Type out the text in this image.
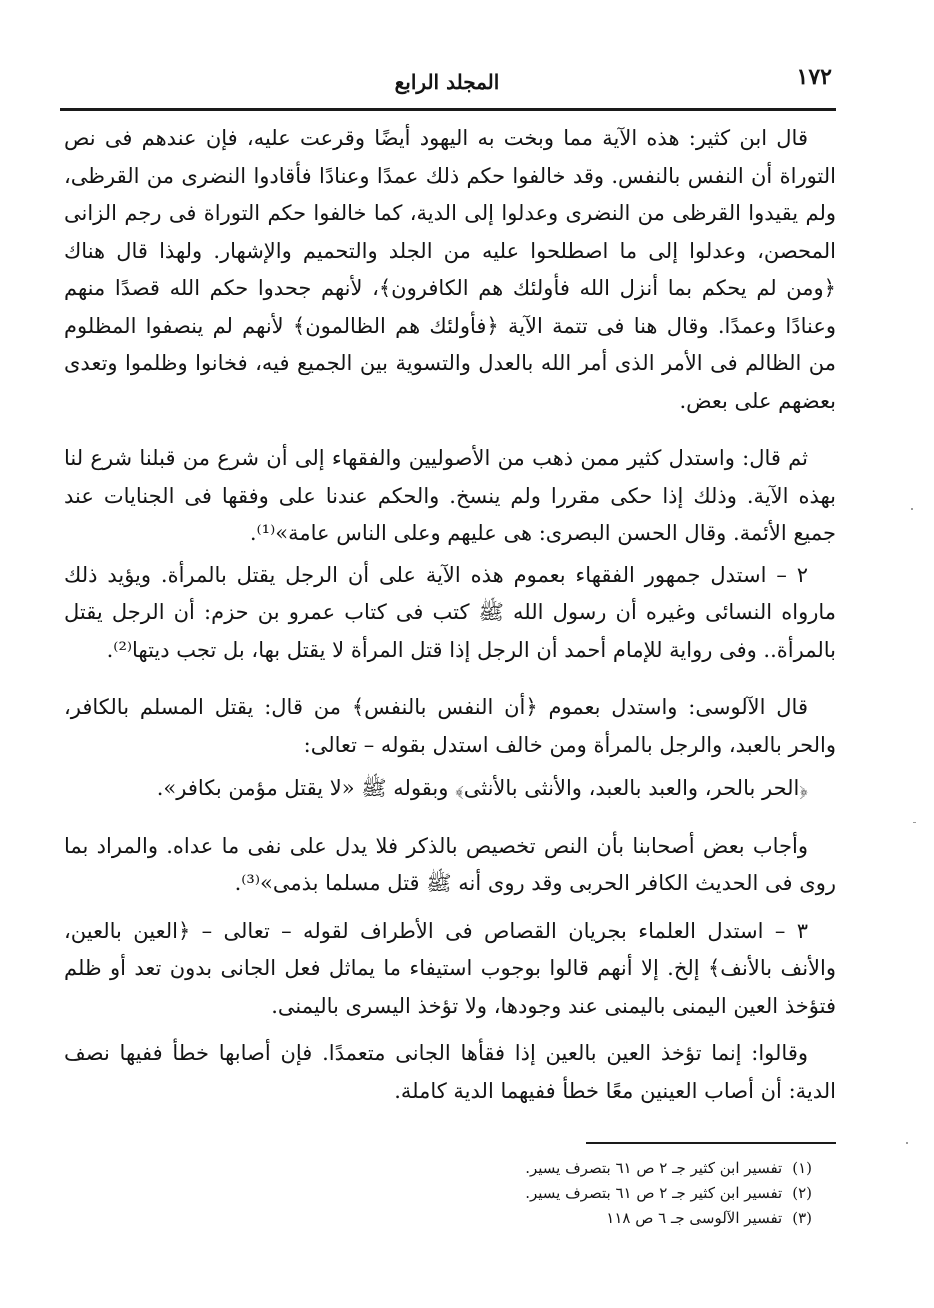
١٧٢
المجلد الرابع

قال ابن كثير: هذه الآية مما وبخت به اليهود أيضًا وقرعت عليه، فإن عندهم فى نص التوراة أن النفس بالنفس. وقد خالفوا حكم ذلك عمدًا وعنادًا فأقادوا النضرى من القرظى، ولم يقيدوا القرظى من النضرى وعدلوا إلى الدية، كما خالفوا حكم التوراة فى رجم الزانى المحصن، وعدلوا إلى ما اصطلحوا عليه من الجلد والتحميم والإشهار. ولهذا قال هناك ﴿ومن لم يحكم بما أنزل الله فأولئك هم الكافرون﴾، لأنهم جحدوا حكم الله قصدًا منهم وعنادًا وعمدًا. وقال هنا فى تتمة الآية ﴿فأولئك هم الظالمون﴾ لأنهم لم ينصفوا المظلوم من الظالم فى الأمر الذى أمر الله بالعدل والتسوية بين الجميع فيه، فخانوا وظلموا وتعدى بعضهم على بعض.

ثم قال: واستدل كثير ممن ذهب من الأصوليين والفقهاء إلى أن شرع من قبلنا شرع لنا بهذه الآية. وذلك إذا حكى مقررا ولم ينسخ. والحكم عندنا على وفقها فى الجنايات عند جميع الأئمة. وقال الحسن البصرى: هى عليهم وعلى الناس عامة»⁽¹⁾.

٢ – استدل جمهور الفقهاء بعموم هذه الآية على أن الرجل يقتل بالمرأة. ويؤيد ذلك مارواه النسائى وغيره أن رسول الله ﷺ كتب فى كتاب عمرو بن حزم: أن الرجل يقتل بالمرأة.. وفى رواية للإمام أحمد أن الرجل إذا قتل المرأة لا يقتل بها، بل تجب ديتها⁽²⁾.

قال الآلوسى: واستدل بعموم ﴿أن النفس بالنفس﴾ من قال: يقتل المسلم بالكافر، والحر بالعبد، والرجل بالمرأة ومن خالف استدل بقوله – تعالى:

﴿الحر بالحر، والعبد بالعبد، والأنثى بالأنثى﴾ وبقوله ﷺ «لا يقتل مؤمن بكافر».

وأجاب بعض أصحابنا بأن النص تخصيص بالذكر فلا يدل على نفى ما عداه. والمراد بما روى فى الحديث الكافر الحربى وقد روى أنه ﷺ قتل مسلما بذمى»⁽³⁾.

٣ – استدل العلماء بجريان القصاص فى الأطراف لقوله – تعالى – ﴿العين بالعين، والأنف بالأنف﴾ إلخ. إلا أنهم قالوا بوجوب استيفاء ما يماثل فعل الجانى بدون تعد أو ظلم فتؤخذ العين اليمنى باليمنى عند وجودها، ولا تؤخذ اليسرى باليمنى.

وقالوا: إنما تؤخذ العين بالعين إذا فقأها الجانى متعمدًا. فإن أصابها خطأ ففيها نصف الدية: أن أصاب العينين معًا خطأ ففيهما الدية كاملة.

(١)تفسير ابن كثير جـ ٢ ص ٦١ بتصرف يسير.

(٢)تفسير ابن كثير جـ ٢ ص ٦١ بتصرف يسير.

(٣)تفسير الآلوسى جـ ٦ ص ١١٨
